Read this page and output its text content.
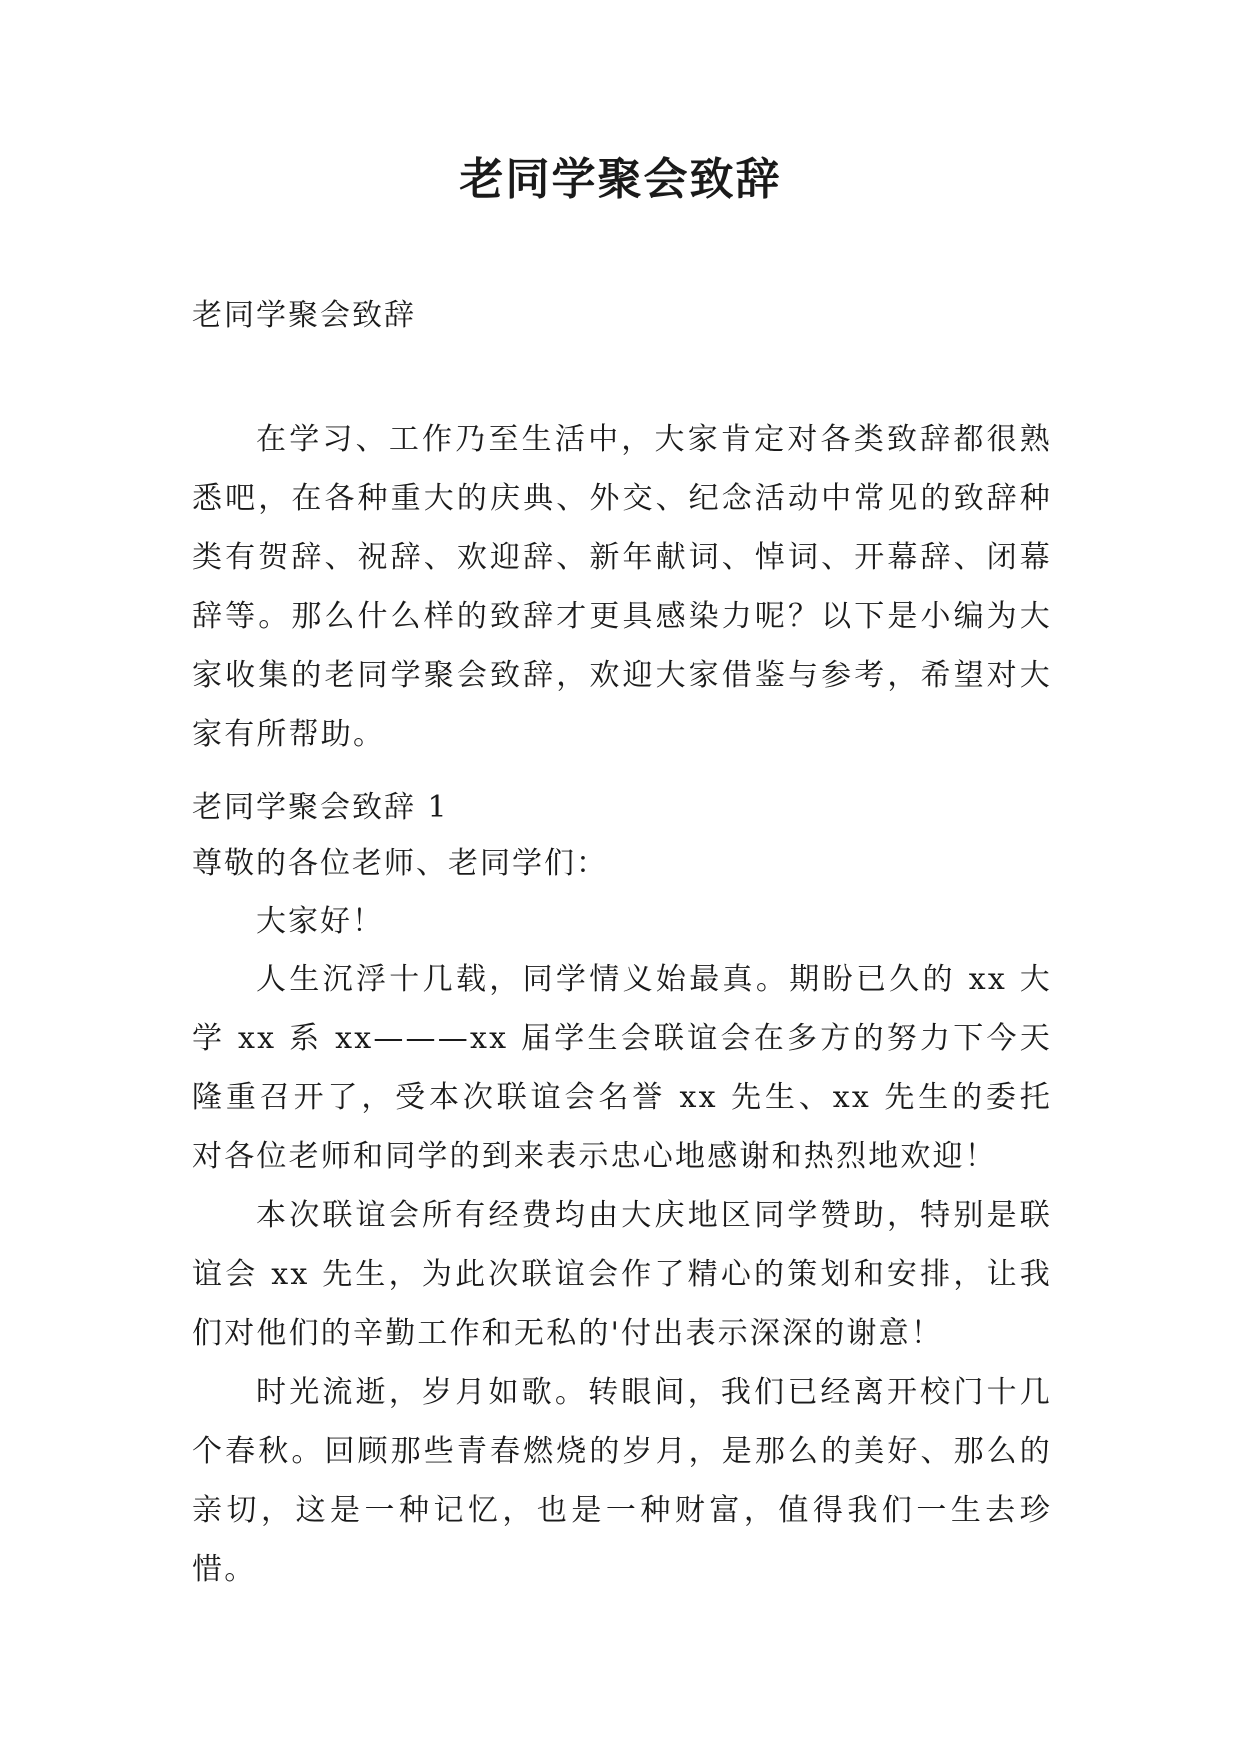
老同学聚会致辞
老同学聚会致辞

在学习、工作乃至生活中，大家肯定对各类致辞都很熟悉吧，在各种重大的庆典、外交、纪念活动中常见的致辞种类有贺辞、祝辞、欢迎辞、新年献词、悼词、开幕辞、闭幕辞等。那么什么样的致辞才更具感染力呢？以下是小编为大家收集的老同学聚会致辞，欢迎大家借鉴与参考，希望对大家有所帮助。

老同学聚会致辞 1
尊敬的各位老师、老同学们：
大家好！

人生沉浮十几载，同学情义始最真。期盼已久的 xx 大学 xx 系 xx———xx 届学生会联谊会在多方的努力下今天隆重召开了，受本次联谊会名誉 xx 先生、xx 先生的委托 对各位老师和同学的到来表示忠心地感谢和热烈地欢迎！

本次联谊会所有经费均由大庆地区同学赞助，特别是联谊会 xx 先生，为此次联谊会作了精心的策划和安排，让我们对他们的辛勤工作和无私的'付出表示深深的谢意！

时光流逝，岁月如歌。转眼间，我们已经离开校门十几个春秋。回顾那些青春燃烧的岁月，是那么的美好、那么的亲切，这是一种记忆，也是一种财富，值得我们一生去珍惜。
